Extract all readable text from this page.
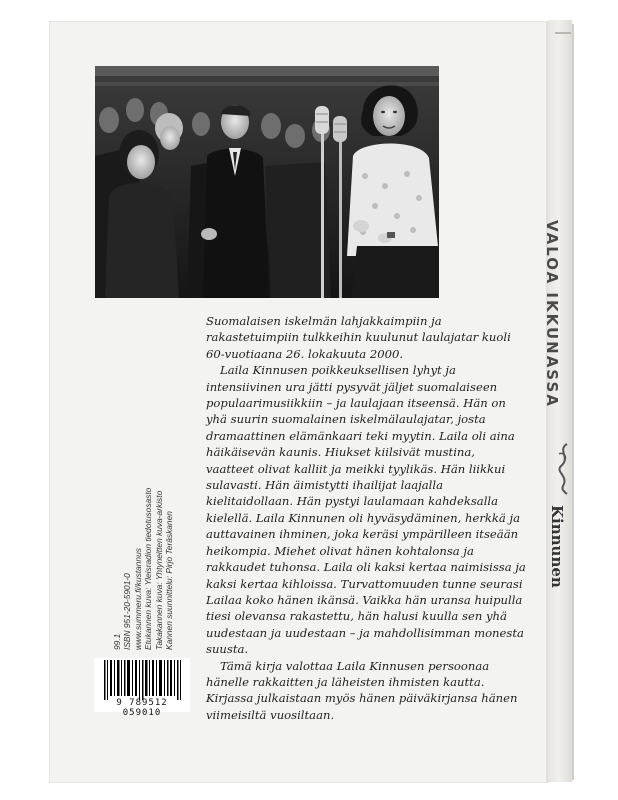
VALOA IKKUNASSA
Kinnunen

Suomalaisen iskelmän lahjakkaimpiin ja rakastetuimpiin tulkkeihin kuulunut laulajatar kuoli 60-vuotiaana 26. lokakuuta 2000.

Laila Kinnusen poikkeuksellisen lyhyt ja intensiivinen ura jätti pysyvät jäljet suomalaiseen populaarimusiikkiin – ja laulajaan itseensä. Hän on yhä suurin suomalainen iskelmälaulajatar, josta dramaattinen elämänkaari teki myytin. Laila oli aina häikäisevän kaunis. Hiukset kiilsivät mustina, vaatteet olivat kalliit ja meikki tyylikäs. Hän liikkui sulavasti. Hän äimistytti ihailijat laajalla kielitaidollaan. Hän pystyi laulamaan kahdeksalla kielellä. Laila Kinnunen oli hyväsydäminen, herkkä ja auttavainen ihminen, joka keräsi ympärilleen itseään heikompia. Miehet olivat hänen kohtalonsa ja rakkaudet tuhonsa. Laila oli kaksi kertaa naimisissa ja kaksi kertaa kihloissa. Turvattomuuden tunne seurasi Lailaa koko hänen ikänsä. Vaikka hän uransa huipulla tiesi olevansa rakastettu, hän halusi kuulla sen yhä uudestaan ja uudestaan – ja mahdollisimman monesta suusta.

Tämä kirja valottaa Laila Kinnusen persoonaa hänelle rakkaitten ja läheisten ihmisten kautta. Kirjassa julkaistaan myös hänen päiväkirjansa hänen viimeisiltä vuosiltaan.

99.1 ISBN 951-20-5901-0 www.summeru.fi/kustannus Etukannen kuva: Yleisradion tiedotusosasto Takakannen kuva: Yhtyneitten kuva-arkisto Kannen suunnittelu: Pirjo Teräskanen
9 789512 059010
